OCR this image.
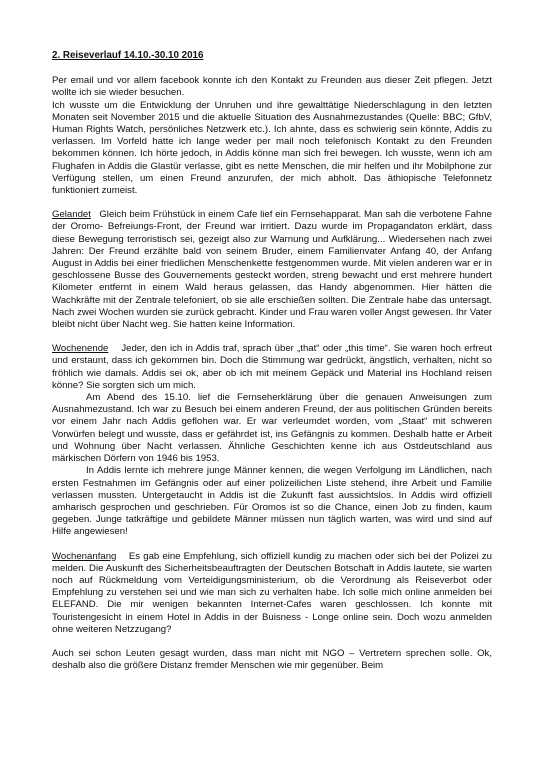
2. Reiseverlauf 14.10.-30.10 2016

Per email und vor allem facebook konnte ich den Kontakt zu Freunden aus dieser Zeit pflegen. Jetzt wollte ich sie wieder besuchen.

Ich wusste um die Entwicklung der Unruhen und ihre gewalttätige Niederschlagung in den letzten Monaten seit November 2015 und die aktuelle Situation des Ausnahmezustandes (Quelle: BBC; GfbV, Human Rights Watch, persönliches Netzwerk etc.). Ich ahnte, dass es schwierig sein könnte, Addis zu verlassen. Im Vorfeld hatte ich lange weder per mail noch telefonisch Kontakt zu den Freunden bekommen können. Ich hörte jedoch, in Addis könne man sich frei bewegen. Ich wusste, wenn ich am Flughafen in Addis die Glastür verlasse, gibt es nette Menschen, die mir helfen und ihr Mobilphone zur Verfügung stellen, um einen Freund anzurufen, der mich abholt. Das äthiopische Telefonnetz funktioniert zumeist.

Gelandet Gleich beim Frühstück in einem Cafe lief ein Fernsehapparat. Man sah die verbotene Fahne der Oromo- Befreiungs-Front, der Freund war irritiert. Dazu wurde im Propagandaton erklärt, dass diese Bewegung terroristisch sei, gezeigt also zur Warnung und Aufklärung... Wiedersehen nach zwei Jahren: Der Freund erzählte bald von seinem Bruder, einem Familienvater Anfang 40, der Anfang August in Addis bei einer friedlichen Menschenkette festgenommen wurde. Mit vielen anderen war er in geschlossene Busse des Gouvernements gesteckt worden, streng bewacht und erst mehrere hundert Kilometer entfernt in einem Wald heraus gelassen, das Handy abgenommen. Hier hätten die Wachkräfte mit der Zentrale telefoniert, ob sie alle erschießen sollten. Die Zentrale habe das untersagt. Nach zwei Wochen wurden sie zurück gebracht. Kinder und Frau waren voller Angst gewesen. Ihr Vater bleibt nicht über Nacht weg. Sie hatten keine Information.

Wochenende Jeder, den ich in Addis traf, sprach über „that“ oder „this time“. Sie waren hoch erfreut und erstaunt, dass ich gekommen bin. Doch die Stimmung war gedrückt, ängstlich, verhalten, nicht so fröhlich wie damals. Addis sei ok, aber ob ich mit meinem Gepäck und Material ins Hochland reisen könne? Sie sorgten sich um mich.

Am Abend des 15.10. lief die Fernseherklärung über die genauen Anweisungen zum Ausnahmezustand. Ich war zu Besuch bei einem anderen Freund, der aus politischen Gründen bereits vor einem Jahr nach Addis geflohen war. Er war verleumdet worden, vom „Staat“ mit schweren Vorwürfen belegt und wusste, dass er gefährdet ist, ins Gefängnis zu kommen. Deshalb hatte er Arbeit und Wohnung über Nacht verlassen. Ähnliche Geschichten kenne ich aus Ostdeutschland aus märkischen Dörfern von 1946 bis 1953.

In Addis lernte ich mehrere junge Männer kennen, die wegen Verfolgung im Ländlichen, nach ersten Festnahmen im Gefängnis oder auf einer polizeilichen Liste stehend, ihre Arbeit und Familie verlassen mussten. Untergetaucht in Addis ist die Zukunft fast aussichtslos. In Addis wird offiziell amharisch gesprochen und geschrieben. Für Oromos ist so die Chance, einen Job zu finden, kaum gegeben. Junge tatkräftige und gebildete Männer müssen nun täglich warten, was wird und sind auf Hilfe angewiesen!

Wochenanfang Es gab eine Empfehlung, sich offiziell kundig zu machen oder sich bei der Polizei zu melden. Die Auskunft des Sicherheitsbeauftragten der Deutschen Botschaft in Addis lautete, sie warten noch auf Rückmeldung vom Verteidigungsministerium, ob die Verordnung als Reiseverbot oder Empfehlung zu verstehen sei und wie man sich zu verhalten habe. Ich solle mich online anmelden bei ELEFAND. Die mir wenigen bekannten Internet-Cafes waren geschlossen. Ich konnte mit Touristengesicht in einem Hotel in Addis in der Buisness - Longe online sein. Doch wozu anmelden ohne weiteren Netzzugang?

Auch sei schon Leuten gesagt wurden, dass man nicht mit NGO – Vertretern sprechen solle. Ok, deshalb also die größere Distanz fremder Menschen wie mir gegenüber. Beim
